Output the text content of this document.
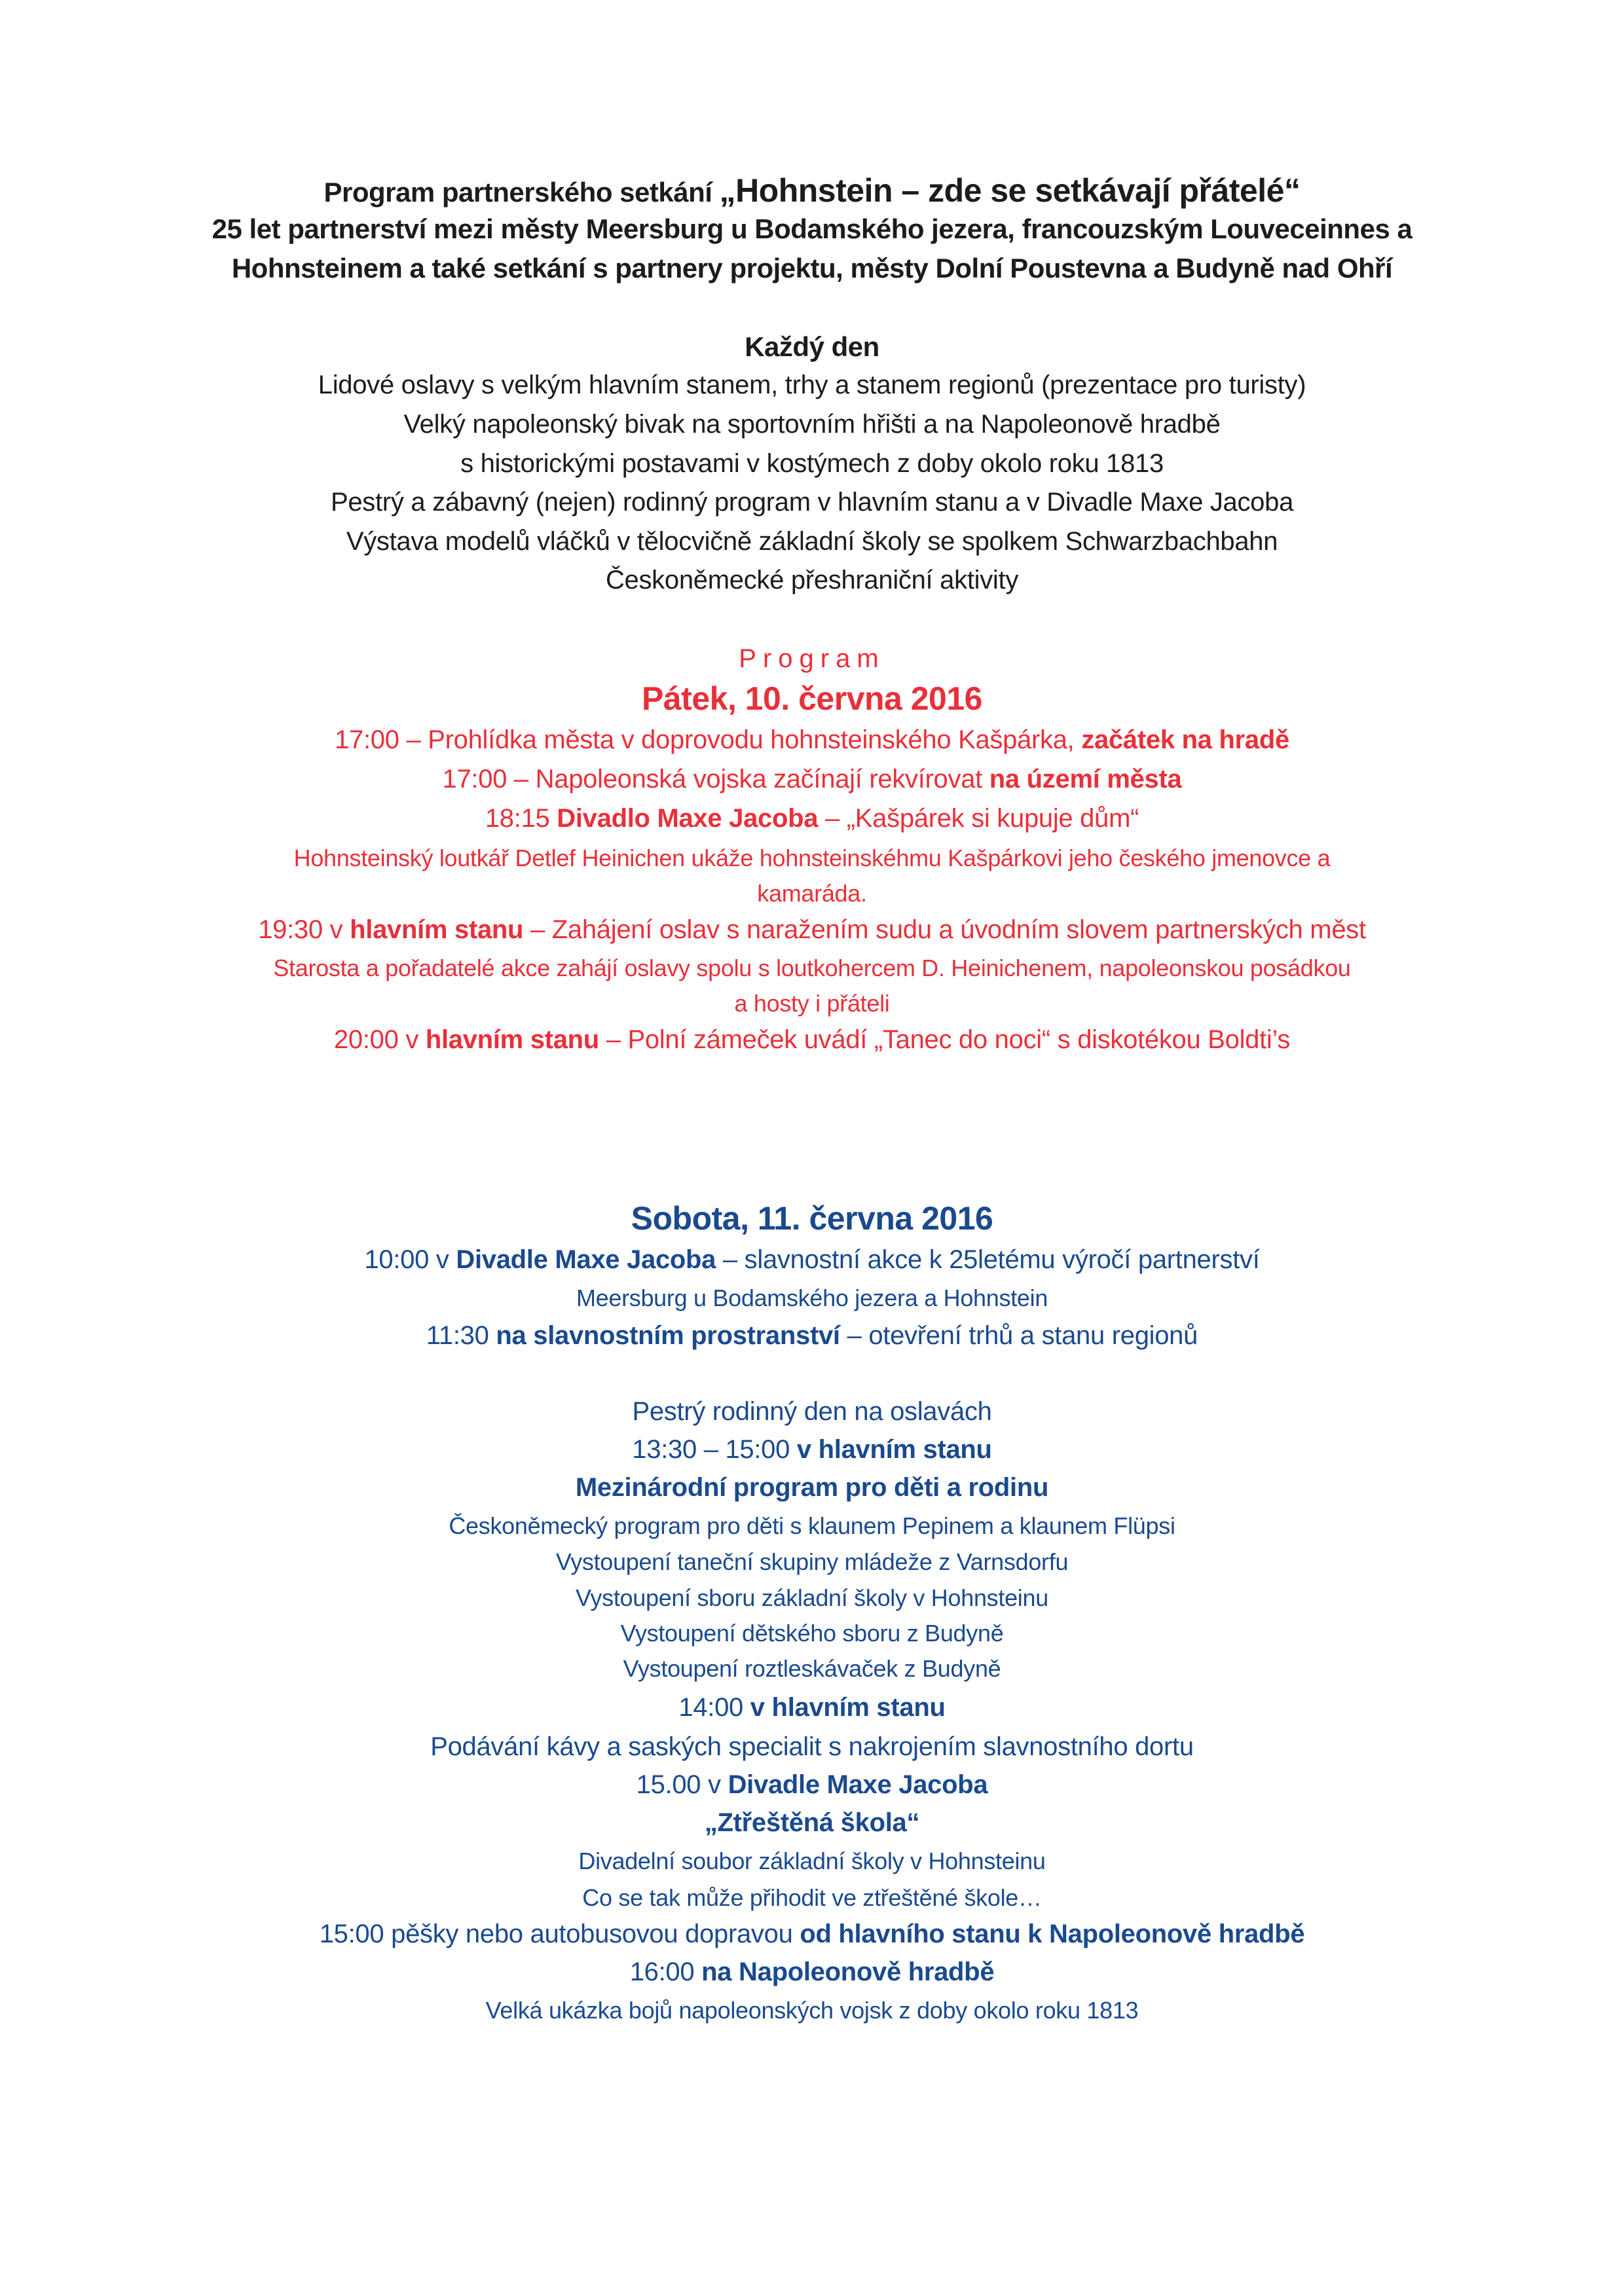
Program partnerského setkání „Hohnstein – zde se setkávají přátelé“
25 let partnerství mezi městy Meersburg u Bodamského jezera, francouzským Louveceinnes a
Hohnsteinem a také setkání s partnery projektu, městy Dolní Poustevna a Budyně nad Ohří
Každý den
Lidové oslavy s velkým hlavním stanem, trhy a stanem regionů (prezentace pro turisty)
Velký napoleonský bivak na sportovním hřišti a na Napoleonově hradbě
s historickými postavami v kostýmech z doby okolo roku 1813
Pestrý a zábavný (nejen) rodinný program v hlavním stanu a v Divadle Maxe Jacoba
Výstava modelů vláčků v tělocvičně základní školy se spolkem Schwarzbachbahn
Českoněmecké přeshraniční aktivity
Program
Pátek, 10. června 2016
17:00 – Prohlídka města v doprovodu hohnsteinského Kašpárka, začátek na hradě
17:00 – Napoleonská vojska začínají rekvírovat na území města
18:15 Divadlo Maxe Jacoba – „Kašpárek si kupuje dům“
Hohnsteinský loutkář Detlef Heinichen ukáže hohnsteinskéhmu Kašpárkovi jeho českého jmenovce a
kamaráda.
19:30 v hlavním stanu – Zahájení oslav s naražením sudu a úvodním slovem partnerských měst
Starosta a pořadatelé akce zahájí oslavy spolu s loutkohercem D. Heinichenem, napoleonskou posádkou
a hosty i přáteli
20:00 v hlavním stanu – Polní zámeček uvádí „Tanec do noci“ s diskotékou Boldti’s
Sobota, 11. června 2016
10:00 v Divadle Maxe Jacoba – slavnostní akce k 25letému výročí partnerství
Meersburg u Bodamského jezera a Hohnstein
11:30 na slavnostním prostranství – otevření trhů a stanu regionů
Pestrý rodinný den na oslavách
13:30 – 15:00 v hlavním stanu
Mezinárodní program pro děti a rodinu
Českoněmecký program pro děti s klaunem Pepinem a klaunem Flüpsi
Vystoupení taneční skupiny mládeže z Varnsdorfu
Vystoupení sboru základní školy v Hohnsteinu
Vystoupení dětského sboru z Budyně
Vystoupení roztleskávaček z Budyně
14:00 v hlavním stanu
Podávání kávy a saských specialit s nakrojením slavnostního dortu
15.00 v Divadle Maxe Jacoba
„Ztřeštěná škola“
Divadelní soubor základní školy v Hohnsteinu
Co se tak může přihodit ve ztřeštěné škole…
15:00 pěšky nebo autobusovou dopravou od hlavního stanu k Napoleonově hradbě
16:00 na Napoleonově hradbě
Velká ukázka bojů napoleonských vojsk z doby okolo roku 1813
